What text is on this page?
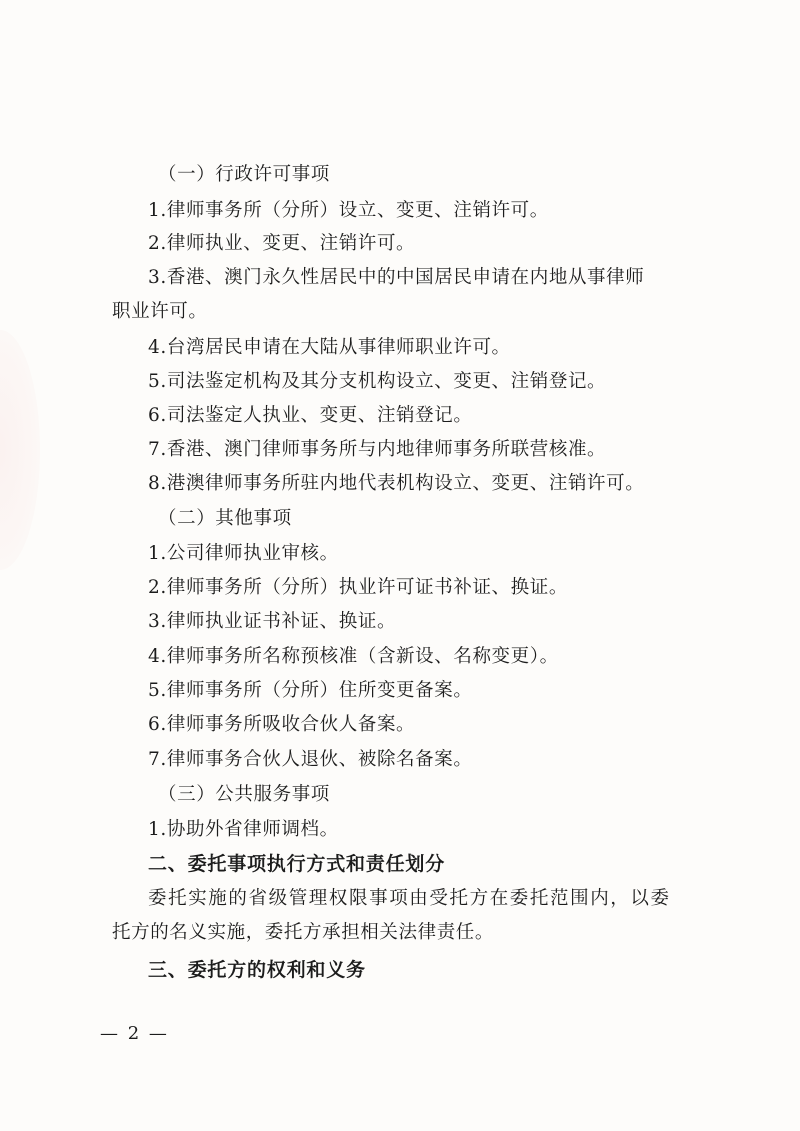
（一）行政许可事项
1.律师事务所（分所）设立、变更、注销许可。
2.律师执业、变更、注销许可。
3.香港、澳门永久性居民中的中国居民申请在内地从事律师
职业许可。
4.台湾居民申请在大陆从事律师职业许可。
5.司法鉴定机构及其分支机构设立、变更、注销登记。
6.司法鉴定人执业、变更、注销登记。
7.香港、澳门律师事务所与内地律师事务所联营核准。
8.港澳律师事务所驻内地代表机构设立、变更、注销许可。
（二）其他事项
1.公司律师执业审核。
2.律师事务所（分所）执业许可证书补证、换证。
3.律师执业证书补证、换证。
4.律师事务所名称预核准（含新设、名称变更）。
5.律师事务所（分所）住所变更备案。
6.律师事务所吸收合伙人备案。
7.律师事务合伙人退伙、被除名备案。
（三）公共服务事项
1.协助外省律师调档。
二、委托事项执行方式和责任划分
委托实施的省级管理权限事项由受托方在委托范围内，以委
托方的名义实施，委托方承担相关法律责任。
三、委托方的权利和义务
— 2 —
